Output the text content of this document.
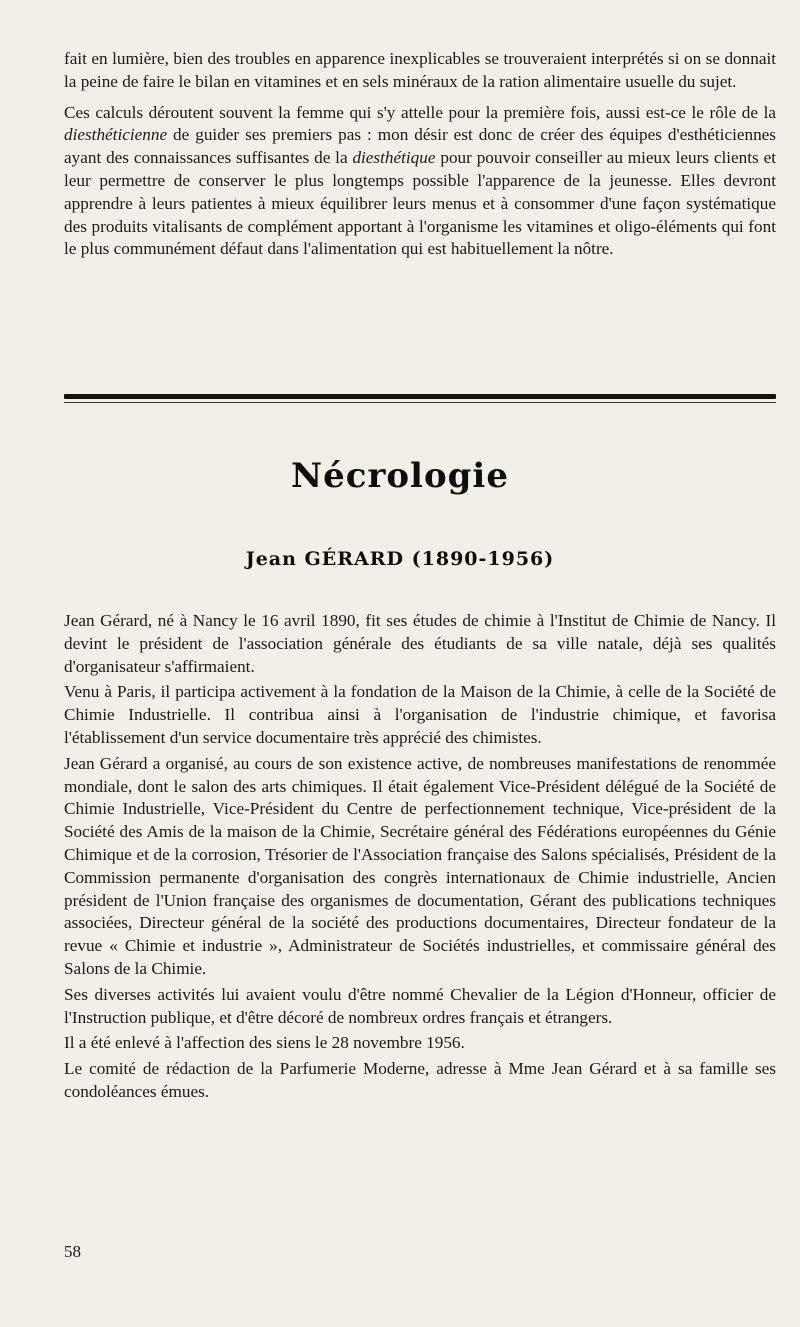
fait en lumière, bien des troubles en apparence inexplicables se trouveraient interprétés si on se donnait la peine de faire le bilan en vitamines et en sels minéraux de la ration alimentaire usuelle du sujet.

Ces calculs déroutent souvent la femme qui s'y attelle pour la première fois, aussi est-ce le rôle de la diesthéticienne de guider ses premiers pas : mon désir est donc de créer des équipes d'esthéticiennes ayant des connaissances suffisantes de la diesthétique pour pouvoir conseiller au mieux leurs clients et leur permettre de conserver le plus longtemps possible l'apparence de la jeunesse. Elles devront apprendre à leurs patientes à mieux équilibrer leurs menus et à consommer d'une façon systématique des produits vitalisants de complément apportant à l'organisme les vitamines et oligo-éléments qui font le plus communément défaut dans l'alimentation qui est habituellement la nôtre.

Nécrologie
Jean GÉRARD (1890-1956)

Jean Gérard, né à Nancy le 16 avril 1890, fit ses études de chimie à l'Institut de Chimie de Nancy. Il devint le président de l'association générale des étudiants de sa ville natale, déjà ses qualités d'organisateur s'affirmaient.

Venu à Paris, il participa activement à la fondation de la Maison de la Chimie, à celle de la Société de Chimie Industrielle. Il contribua ainsi à l'organisation de l'industrie chimique, et favorisa l'établissement d'un service documentaire très apprécié des chimistes.

Jean Gérard a organisé, au cours de son existence active, de nombreuses manifestations de renommée mondiale, dont le salon des arts chimiques. Il était également Vice-Président délégué de la Société de Chimie Industrielle, Vice-Président du Centre de perfectionnement technique, Vice-président de la Société des Amis de la maison de la Chimie, Secrétaire général des Fédérations européennes du Génie Chimique et de la corrosion, Trésorier de l'Association française des Salons spécialisés, Président de la Commission permanente d'organisation des congrès internationaux de Chimie industrielle, Ancien président de l'Union française des organismes de documentation, Gérant des publications techniques associées, Directeur général de la société des productions documentaires, Directeur fondateur de la revue « Chimie et industrie », Administrateur de Sociétés industrielles, et commissaire général des Salons de la Chimie.

Ses diverses activités lui avaient voulu d'être nommé Chevalier de la Légion d'Honneur, officier de l'Instruction publique, et d'être décoré de nombreux ordres français et étrangers.

Il a été enlevé à l'affection des siens le 28 novembre 1956.

Le comité de rédaction de la Parfumerie Moderne, adresse à Mme Jean Gérard et à sa famille ses condoléances émues.

58
